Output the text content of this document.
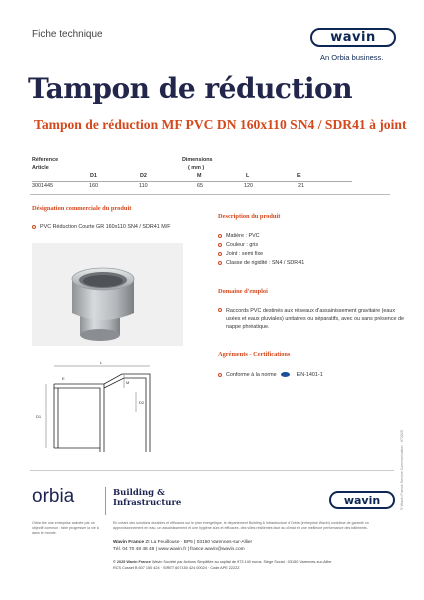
Fiche technique	wavin
An Orbia business.
Tampon de réduction
Tampon de réduction MF PVC DN 160x110 SN4 / SDR41 à joint
Réference	Dimensions
Article	( mm )
D1	D2	M	L	E
3001445	160	110	65	120	21
Désignation commerciale du produit
PVC Réduction Courte GR 160x110 SN4 / SDR41 M/F
D1
D2
L
M
E
Description du produit
Matière : PVC
Couleur : gris
Joint : semi fixe
Classe de rigidité : SN4 / SDR41
Domaine d'emploi
Raccords PVC destinés aux réseaux d'assainissement gravitaire (eaux usées et eaux pluviales) unitaires ou séparatifs, avec ou sans présence de nappe phréatique.
Agréments - Certifications
Conforme à la norme	EN-1401-1
orbia	Building &
Infrastructure	wavin
Orbia tire une entreprise animée par un objectif commun : faire progresser la vie à dans le monde.
En créant des solutions durables et efficaces sur le plan énergétique, le département Building & Infrastructure d'Orbia (entreprise Wavin) contribue de garantir un approvisionnement en eau, un assainissement et une hygiène sûrs et efficaces, des villes résilientes face au climat et une meilleure performance des bâtiments.
Wavin France ZI La Feuillouse · BP5 | 03150 Varennes-sur-Allier
Tél. 04 70 48 48 48 | www.wavin.fr | france.wavin@wavin.com
© 2025 Wavin France Wavin Société par Actions Simplifiée au capital de 973 140 euros. Siège Social : 03150 Varennes-sur-Allier
RCS Cusset B 607 150 424 · SIRET 607150 424 00024 · Code APE 2222Z
© Wavin France Service Communication · 072025
